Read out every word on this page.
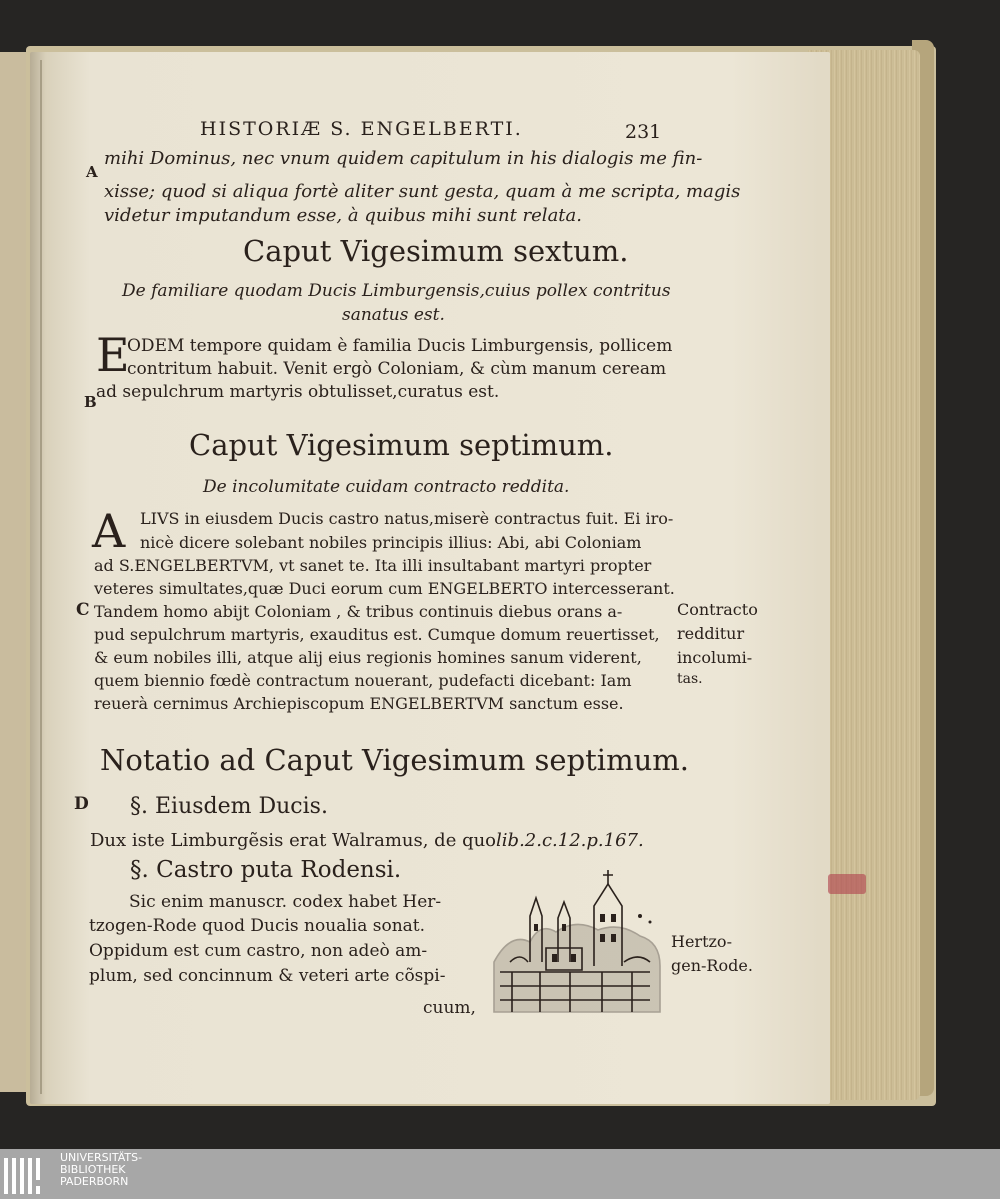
HISTORIÆ S. ENGELBERTI.	231

A

B

C

D

mihi Dominus, nec vnum quidem capitulum in his dialogis me fin-

xisse; quod si aliqua fortè aliter sunt gesta, quam à me scripta, magis

videtur imputandum esse, à quibus mihi sunt relata.

Caput Vigesimum sextum.

De familiare quodam Ducis Limburgensis,cuius pollex contritus

sanatus est.

E

ODEM tempore quidam è familia Ducis Limburgensis, pollicem

contritum habuit. Venit ergò Coloniam, & cùm manum ceream

ad sepulchrum martyris obtulisset,curatus est.

Caput Vigesimum septimum.

De incolumitate cuidam contracto reddita.

A LIVS in eiusdem Ducis castro natus,miserè contractus fuit. Ei iro-

nicè dicere solebant nobiles principis illius: Abi, abi Coloniam

ad S.ENGELBERTVM, vt sanet te. Ita illi insultabant martyri propter

veteres simultates,quæ Duci eorum cum ENGELBERTO intercesserant.

Tandem homo abijt Coloniam , & tribus continuis diebus orans a-

pud sepulchrum martyris, exauditus est. Cumque domum reuertisset,

& eum nobiles illi, atque alij eius regionis homines sanum viderent,

quem biennio fœdè contractum nouerant, pudefacti dicebant: Iam

reuerà cernimus Archiepiscopum ENGELBERTVM sanctum esse.

Contracto

redditur

incolumi-

tas.

Notatio ad Caput Vigesimum septimum.

§. Eiusdem Ducis.

Dux iste Limburgẽsis erat Walramus, de quolib.2.c.12.p.167.

§. Castro puta Rodensi.

Sic enim manuscr. codex habet Her-

tzogen-Rode quod Ducis noualia sonat.

Oppidum est cum castro, non adeò am-

plum, sed concinnum & veteri arte cõspi-

cuum,

Hertzo-

gen-Rode.

UNIVERSITÄTS-
BIBLIOTHEK
PADERBORN
